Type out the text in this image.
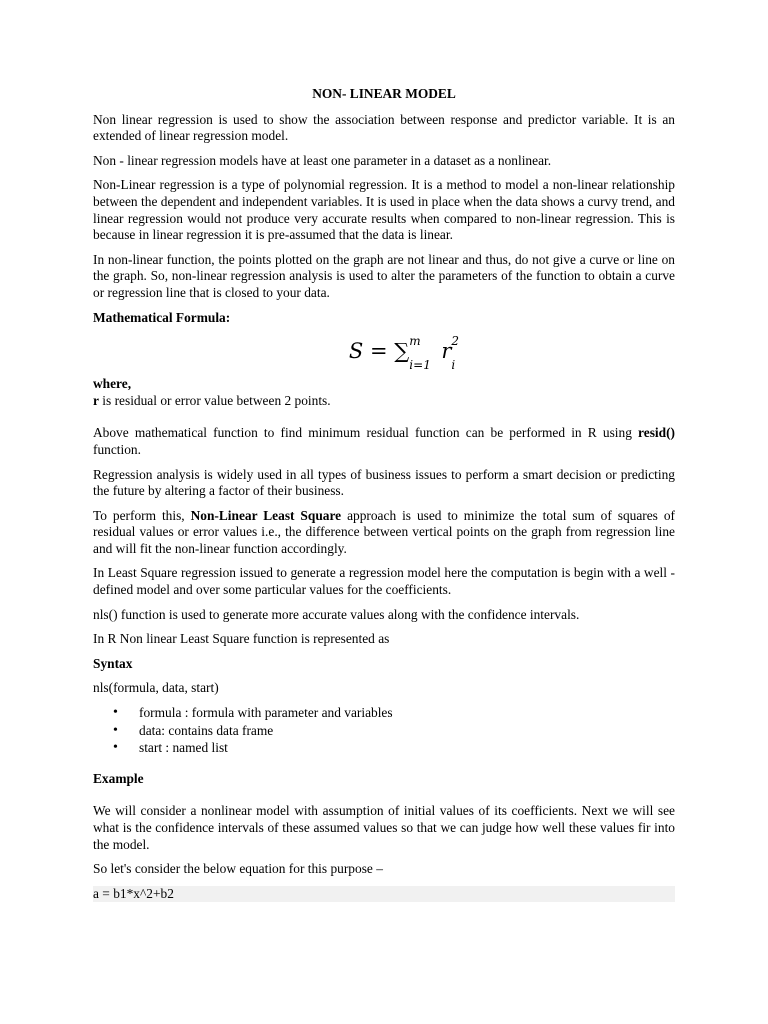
NON- LINEAR MODEL

Non linear regression is used to show the association between response and predictor variable. It is an extended of linear regression model.

Non - linear regression models have at least one parameter in a dataset as a nonlinear.

Non-Linear regression is a type of polynomial regression. It is a method to model a non-linear relationship between the dependent and independent variables. It is used in place when the data shows a curvy trend, and linear regression would not produce very accurate results when compared to non-linear regression. This is because in linear regression it is pre-assumed that the data is linear.

In non-linear function, the points plotted on the graph are not linear and thus, do not give a curve or line on the graph. So, non-linear regression analysis is used to alter the parameters of the function to obtain a curve or regression line that is closed to your data.

Mathematical Formula:
S = ∑$^m$
i=1
$r^2$
i
where,

r is residual or error value between 2 points.

Above mathematical function to find minimum residual function can be performed in R using resid() function.

Regression analysis is widely used in all types of business issues to perform a smart decision or predicting the future by altering a factor of their business.

To perform this, Non-Linear Least Square approach is used to minimize the total sum of squares of residual values or error values i.e., the difference between vertical points on the graph from regression line and will fit the non-linear function accordingly.

In Least Square regression issued to generate a regression model here the computation is begin with a well - defined model and over some particular values for the coefficients.

nls() function is used to generate more accurate values along with the confidence intervals.

In R Non linear Least Square function is represented as

Syntax

nls(formula, data, start)

• formula : formula with parameter and variables
• data: contains data frame
• start : named list
Example

We will consider a nonlinear model with assumption of initial values of its coefficients. Next we will see what is the confidence intervals of these assumed values so that we can judge how well these values fir into the model.

So let's consider the below equation for this purpose –

a = b1*x^2+b2
